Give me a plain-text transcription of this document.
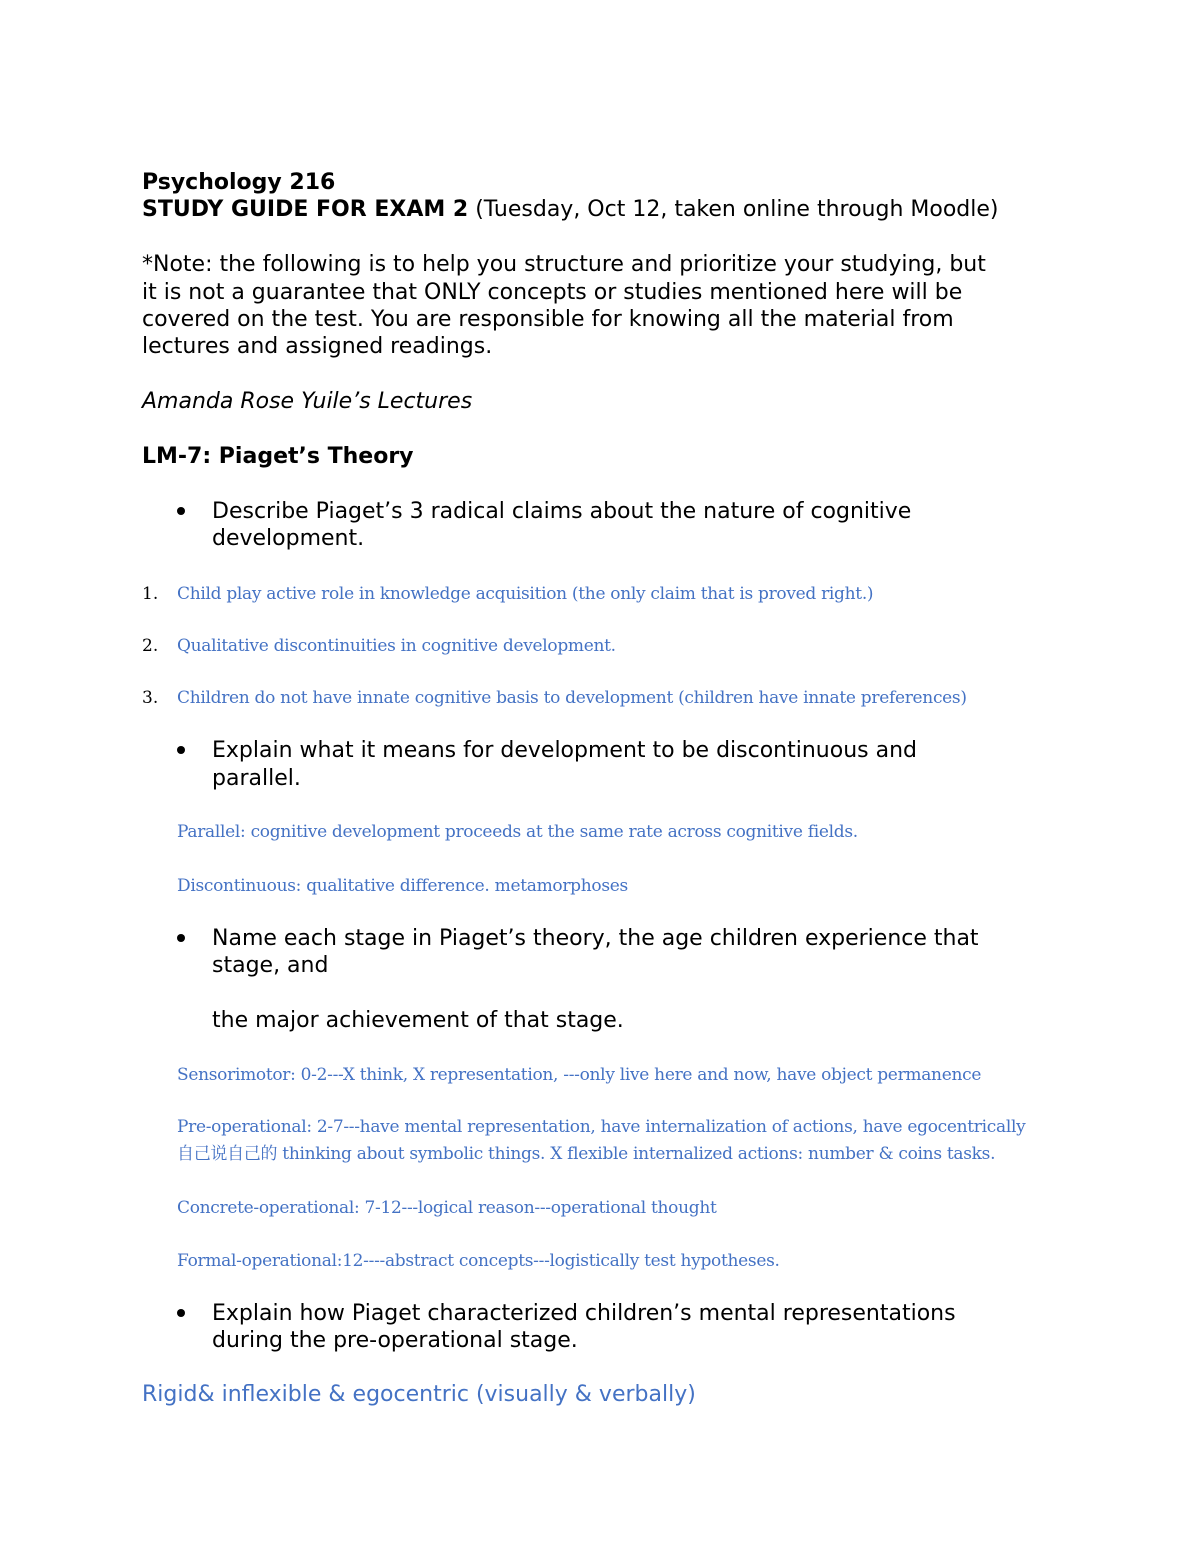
Psychology 216

STUDY GUIDE FOR EXAM 2 (Tuesday, Oct 12, taken online through Moodle)

*Note: the following is to help you structure and prioritize your studying, but

it is not a guarantee that ONLY concepts or studies mentioned here will be

covered on the test. You are responsible for knowing all the material from

lectures and assigned readings.

Amanda Rose Yuile’s Lectures

LM-7: Piaget’s Theory

Describe Piaget’s 3 radical claims about the nature of cognitive

development.

1. Child play active role in knowledge acquisition (the only claim that is proved right.)

2. Qualitative discontinuities in cognitive development.

3. Children do not have innate cognitive basis to development (children have innate preferences)

Explain what it means for development to be discontinuous and

parallel.

Parallel: cognitive development proceeds at the same rate across cognitive fields.

Discontinuous: qualitative difference. metamorphoses

Name each stage in Piaget’s theory, the age children experience that

stage, and

the major achievement of that stage.

Sensorimotor: 0-2---X think, X representation, ---only live here and now, have object permanence

Pre-operational: 2-7---have mental representation, have internalization of actions, have egocentrically

自己说自己的 thinking about symbolic things. X flexible internalized actions: number & coins tasks.

Concrete-operational: 7-12---logical reason---operational thought

Formal-operational:12----abstract concepts---logistically test hypotheses.

Explain how Piaget characterized children’s mental representations

during the pre-operational stage.

Rigid& inflexible & egocentric (visually & verbally)
